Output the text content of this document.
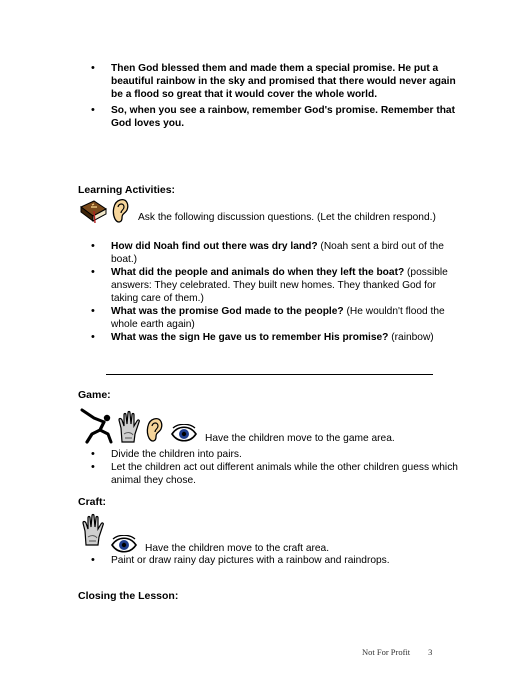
• Then God blessed them and made them a special promise. He put a beautiful rainbow in the sky and promised that there would never again be a flood so great that it would cover the whole world.
• So, when you see a rainbow, remember God's promise. Remember that God loves you.
Learning Activities:
Ask the following discussion questions. (Let the children respond.)
• How did Noah find out there was dry land? (Noah sent a bird out of the boat.)
• What did the people and animals do when they left the boat? (possible answers: They celebrated. They built new homes. They thanked God for taking care of them.)
• What was the promise God made to the people? (He wouldn't flood the whole earth again)
• What was the sign He gave us to remember His promise? (rainbow)
Game:
Have the children move to the game area.
• Divide the children into pairs.
• Let the children act out different animals while the other children guess which animal they chose.
Craft:
Have the children move to the craft area.
• Paint or draw rainy day pictures with a rainbow and raindrops.
Closing the Lesson:
Not For Profit 3
